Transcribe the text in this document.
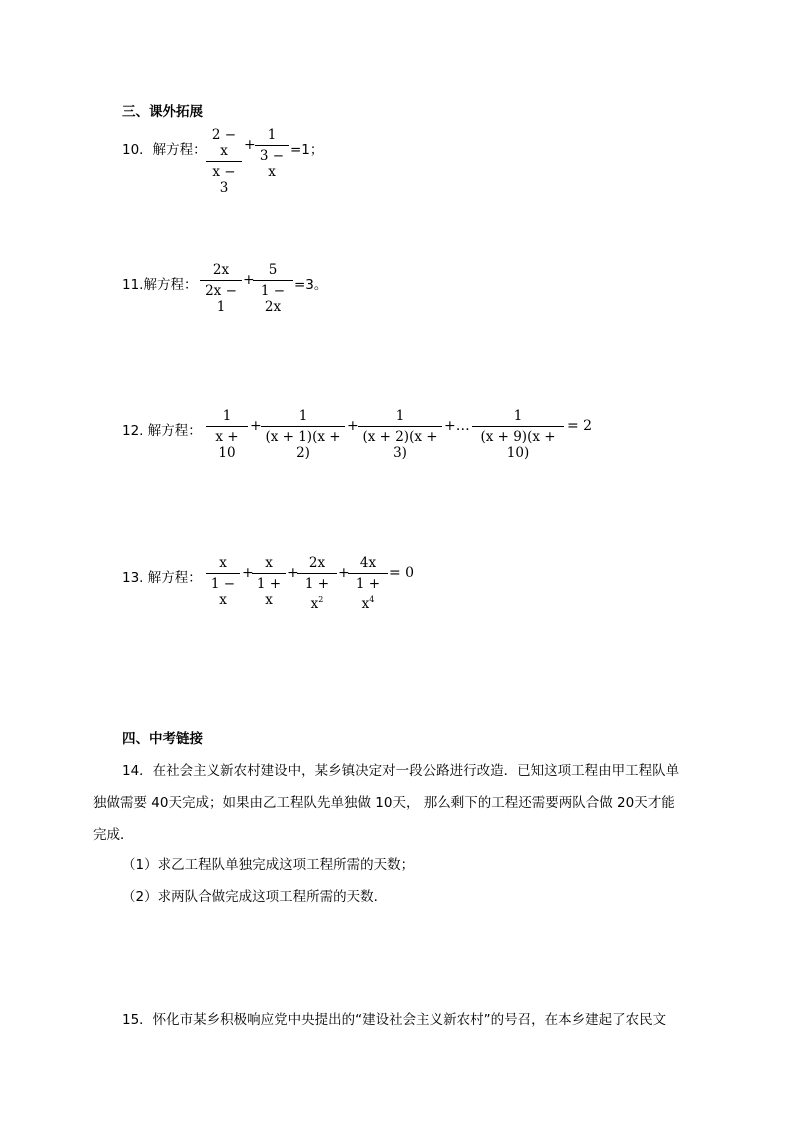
三、课外拓展
10．解方程：
2 − x
x − 3
+
1
3 − x
=1；
11.解方程：
2x
2x − 1
+
5
1 − 2x
=3。
12. 解方程：
1
x + 10
+
1
(x + 1)(x + 2)
+
1
(x + 2)(x + 3)
+…
1
(x + 9)(x + 10)
= 2
13. 解方程：
x
1 − x
+
x
1 + x
+
2x
$1 + x^2$
+
4x
$1 + x^4$
= 0
四、中考链接
14．在社会主义新农村建设中，某乡镇决定对一段公路进行改造．已知这项工程由甲工程队单
独做需要 40天完成；如果由乙工程队先单独做 10天， 那么剩下的工程还需要两队合做 20天才能
完成．
（1）求乙工程队单独完成这项工程所需的天数；
（2）求两队合做完成这项工程所需的天数．
15．怀化市某乡积极响应党中央提出的“建设社会主义新农村”的号召，在本乡建起了农民文
